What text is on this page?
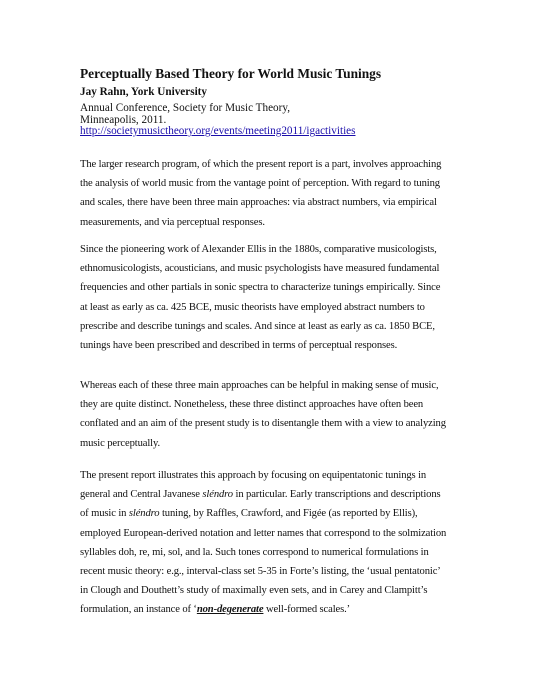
Perceptually Based Theory for World Music Tunings
Jay Rahn, York University
Annual Conference, Society for Music Theory,
Minneapolis, 2011.
http://societymusictheory.org/events/meeting2011/igactivities
The larger research program, of which the present report is a part, involves approaching
the analysis of world music from the vantage point of perception. With regard to tuning
and scales, there have been three main approaches: via abstract numbers, via empirical
measurements, and via perceptual responses.
Since the pioneering work of Alexander Ellis in the 1880s, comparative musicologists,
ethnomusicologists, acousticians, and music psychologists have measured fundamental
frequencies and other partials in sonic spectra to characterize tunings empirically. Since
at least as early as ca. 425 BCE, music theorists have employed abstract numbers to
prescribe and describe tunings and scales. And since at least as early as ca. 1850 BCE,
tunings have been prescribed and described in terms of perceptual responses.
Whereas each of these three main approaches can be helpful in making sense of music,
they are quite distinct. Nonetheless, these three distinct approaches have often been
conflated and an aim of the present study is to disentangle them with a view to analyzing
music perceptually.
The present report illustrates this approach by focusing on equipentatonic tunings in
general and Central Javanese sléndro in particular. Early transcriptions and descriptions
of music in sléndro tuning, by Raffles, Crawford, and Figée (as reported by Ellis),
employed European-derived notation and letter names that correspond to the solmization
syllables doh, re, mi, sol, and la. Such tones correspond to numerical formulations in
recent music theory: e.g., interval-class set 5-35 in Forte’s listing, the ‘usual pentatonic’
in Clough and Douthett’s study of maximally even sets, and in Carey and Clampitt’s
formulation, an instance of ‘non-degenerate well-formed scales.’
